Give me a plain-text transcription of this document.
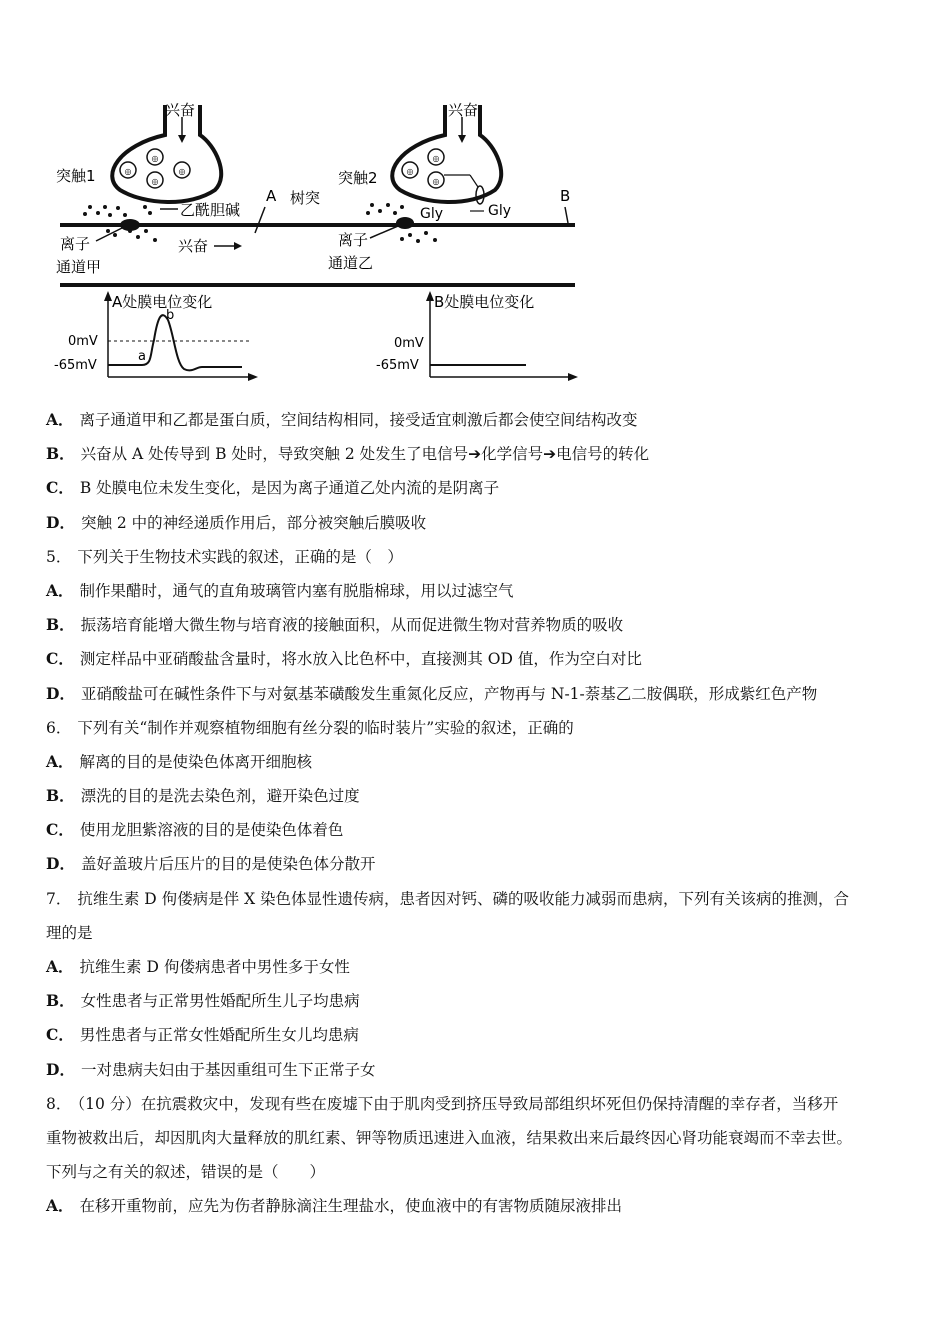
◎
◎
◎
◎
兴奋
突触1
乙酰胆碱
A 树突
兴奋
离子
通道甲
◎
◎
◎
兴奋
突触2
Gly	Gly
离子
通道乙
B
A处膜电位变化
0mV
-65mV
a
b
B处膜电位变化
0mV
-65mV
A． 离子通道甲和乙都是蛋白质，空间结构相同，接受适宜刺激后都会使空间结构改变
B． 兴奋从 A 处传导到 B 处时，导致突触 2 处发生了电信号➔化学信号➔电信号的转化
C． B 处膜电位未发生变化，是因为离子通道乙处内流的是阴离子
D． 突触 2 中的神经递质作用后，部分被突触后膜吸收
5． 下列关于生物技术实践的叙述，正确的是（　）
A． 制作果醋时，通气的直角玻璃管内塞有脱脂棉球，用以过滤空气
B． 振荡培育能增大微生物与培育液的接触面积，从而促进微生物对营养物质的吸收
C． 测定样品中亚硝酸盐含量时，将水放入比色杯中，直接测其 OD 值，作为空白对比
D． 亚硝酸盐可在碱性条件下与对氨基苯磺酸发生重氮化反应，产物再与 N-1-萘基乙二胺偶联，形成紫红色产物
6． 下列有关“制作并观察植物细胞有丝分裂的临时装片”实验的叙述，正确的
A． 解离的目的是使染色体离开细胞核
B． 漂洗的目的是洗去染色剂，避开染色过度
C． 使用龙胆紫溶液的目的是使染色体着色
D． 盖好盖玻片后压片的目的是使染色体分散开
7． 抗维生素 D 佝偻病是伴 X 染色体显性遗传病，患者因对钙、磷的吸收能力减弱而患病，下列有关该病的推测，合
理的是
A． 抗维生素 D 佝偻病患者中男性多于女性
B． 女性患者与正常男性婚配所生儿子均患病
C． 男性患者与正常女性婚配所生女儿均患病
D． 一对患病夫妇由于基因重组可生下正常子女
8． （10 分）在抗震救灾中，发现有些在废墟下由于肌肉受到挤压导致局部组织坏死但仍保持清醒的幸存者，当移开
重物被救出后，却因肌肉大量释放的肌红素、钾等物质迅速进入血液，结果救出来后最终因心肾功能衰竭而不幸去世。
下列与之有关的叙述，错误的是（　　）
A． 在移开重物前，应先为伤者静脉滴注生理盐水，使血液中的有害物质随尿液排出
